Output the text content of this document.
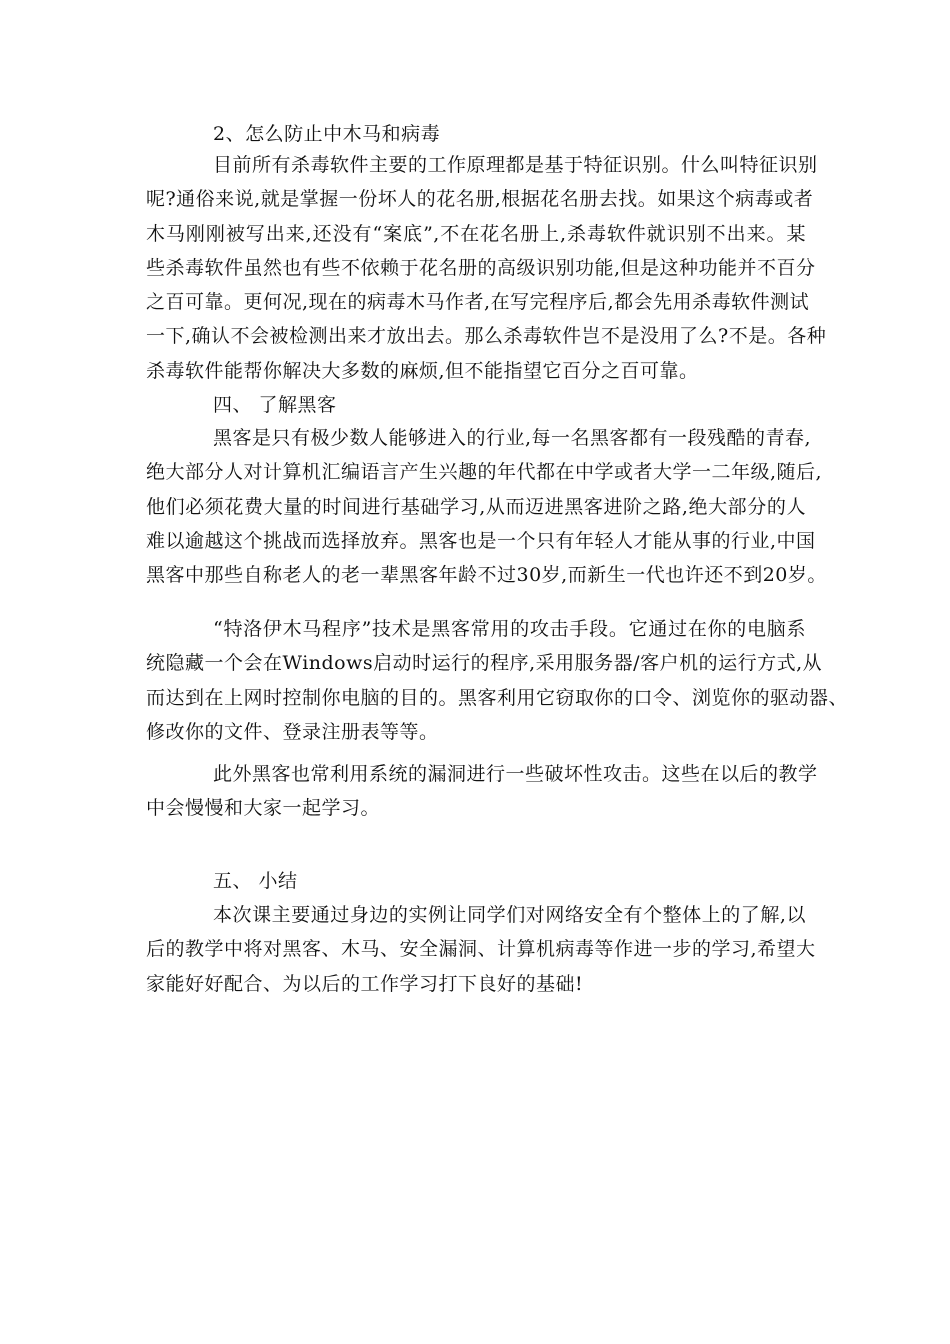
2、怎么防止中木马和病毒
目前所有杀毒软件主要的工作原理都是基于特征识别。什么叫特征识别
呢?通俗来说,就是掌握一份坏人的花名册,根据花名册去找。如果这个病毒或者
木马刚刚被写出来,还没有“案底”,不在花名册上,杀毒软件就识别不出来。某
些杀毒软件虽然也有些不依赖于花名册的高级识别功能,但是这种功能并不百分
之百可靠。更何况,现在的病毒木马作者,在写完程序后,都会先用杀毒软件测试
一下,确认不会被检测出来才放出去。那么杀毒软件岂不是没用了么?不是。各种
杀毒软件能帮你解决大多数的麻烦,但不能指望它百分之百可靠。
四、 了解黑客
黑客是只有极少数人能够进入的行业,每一名黑客都有一段残酷的青春,
绝大部分人对计算机汇编语言产生兴趣的年代都在中学或者大学一二年级,随后,
他们必须花费大量的时间进行基础学习,从而迈进黑客进阶之路,绝大部分的人
难以逾越这个挑战而选择放弃。黑客也是一个只有年轻人才能从事的行业,中国
黑客中那些自称老人的老一辈黑客年龄不过30岁,而新生一代也许还不到20岁。
“特洛伊木马程序”技术是黑客常用的攻击手段。它通过在你的电脑系
统隐藏一个会在Windows启动时运行的程序,采用服务器/客户机的运行方式,从
而达到在上网时控制你电脑的目的。黑客利用它窃取你的口令、浏览你的驱动器、
修改你的文件、登录注册表等等。
此外黑客也常利用系统的漏洞进行一些破坏性攻击。这些在以后的教学
中会慢慢和大家一起学习。
五、 小结
本次课主要通过身边的实例让同学们对网络安全有个整体上的了解,以
后的教学中将对黑客、木马、安全漏洞、计算机病毒等作进一步的学习,希望大
家能好好配合、为以后的工作学习打下良好的基础!
